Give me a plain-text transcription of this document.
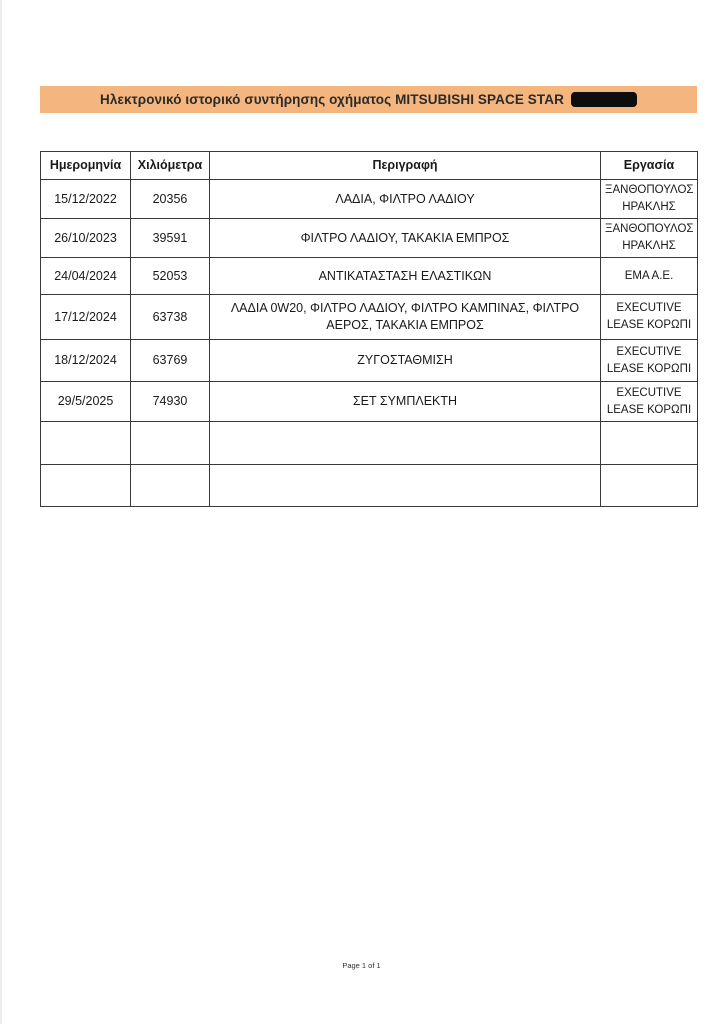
Ηλεκτρονικό ιστορικό συντήρησης οχήματος MITSUBISHI SPACE STAR
Ημερομηνία	Χιλιόμετρα	Περιγραφή	Εργασία
15/12/2022	20356	ΛΑΔΙΑ, ΦΙΛΤΡΟ ΛΑΔΙΟΥ	ΞΑΝΘΟΠΟΥΛΟΣ ΗΡΑΚΛΗΣ
26/10/2023	39591	ΦΙΛΤΡΟ ΛΑΔΙΟΥ, ΤΑΚΑΚΙΑ ΕΜΠΡΟΣ	ΞΑΝΘΟΠΟΥΛΟΣ ΗΡΑΚΛΗΣ
24/04/2024	52053	ΑΝΤΙΚΑΤΑΣΤΑΣΗ ΕΛΑΣΤΙΚΩΝ	ΕΜΑ Α.Ε.
17/12/2024	63738	ΛΑΔΙΑ 0W20, ΦΙΛΤΡΟ ΛΑΔΙΟΥ, ΦΙΛΤΡΟ ΚΑΜΠΙΝΑΣ, ΦΙΛΤΡΟ ΑΕΡΟΣ, ΤΑΚΑΚΙΑ ΕΜΠΡΟΣ	EXECUTIVE LEASE ΚΟΡΩΠΙ
18/12/2024	63769	ΖΥΓΟΣΤΑΘΜΙΣΗ	EXECUTIVE LEASE ΚΟΡΩΠΙ
29/5/2025	74930	ΣΕΤ ΣΥΜΠΛΕΚΤΗ	EXECUTIVE LEASE ΚΟΡΩΠΙ

Page 1 of 1
